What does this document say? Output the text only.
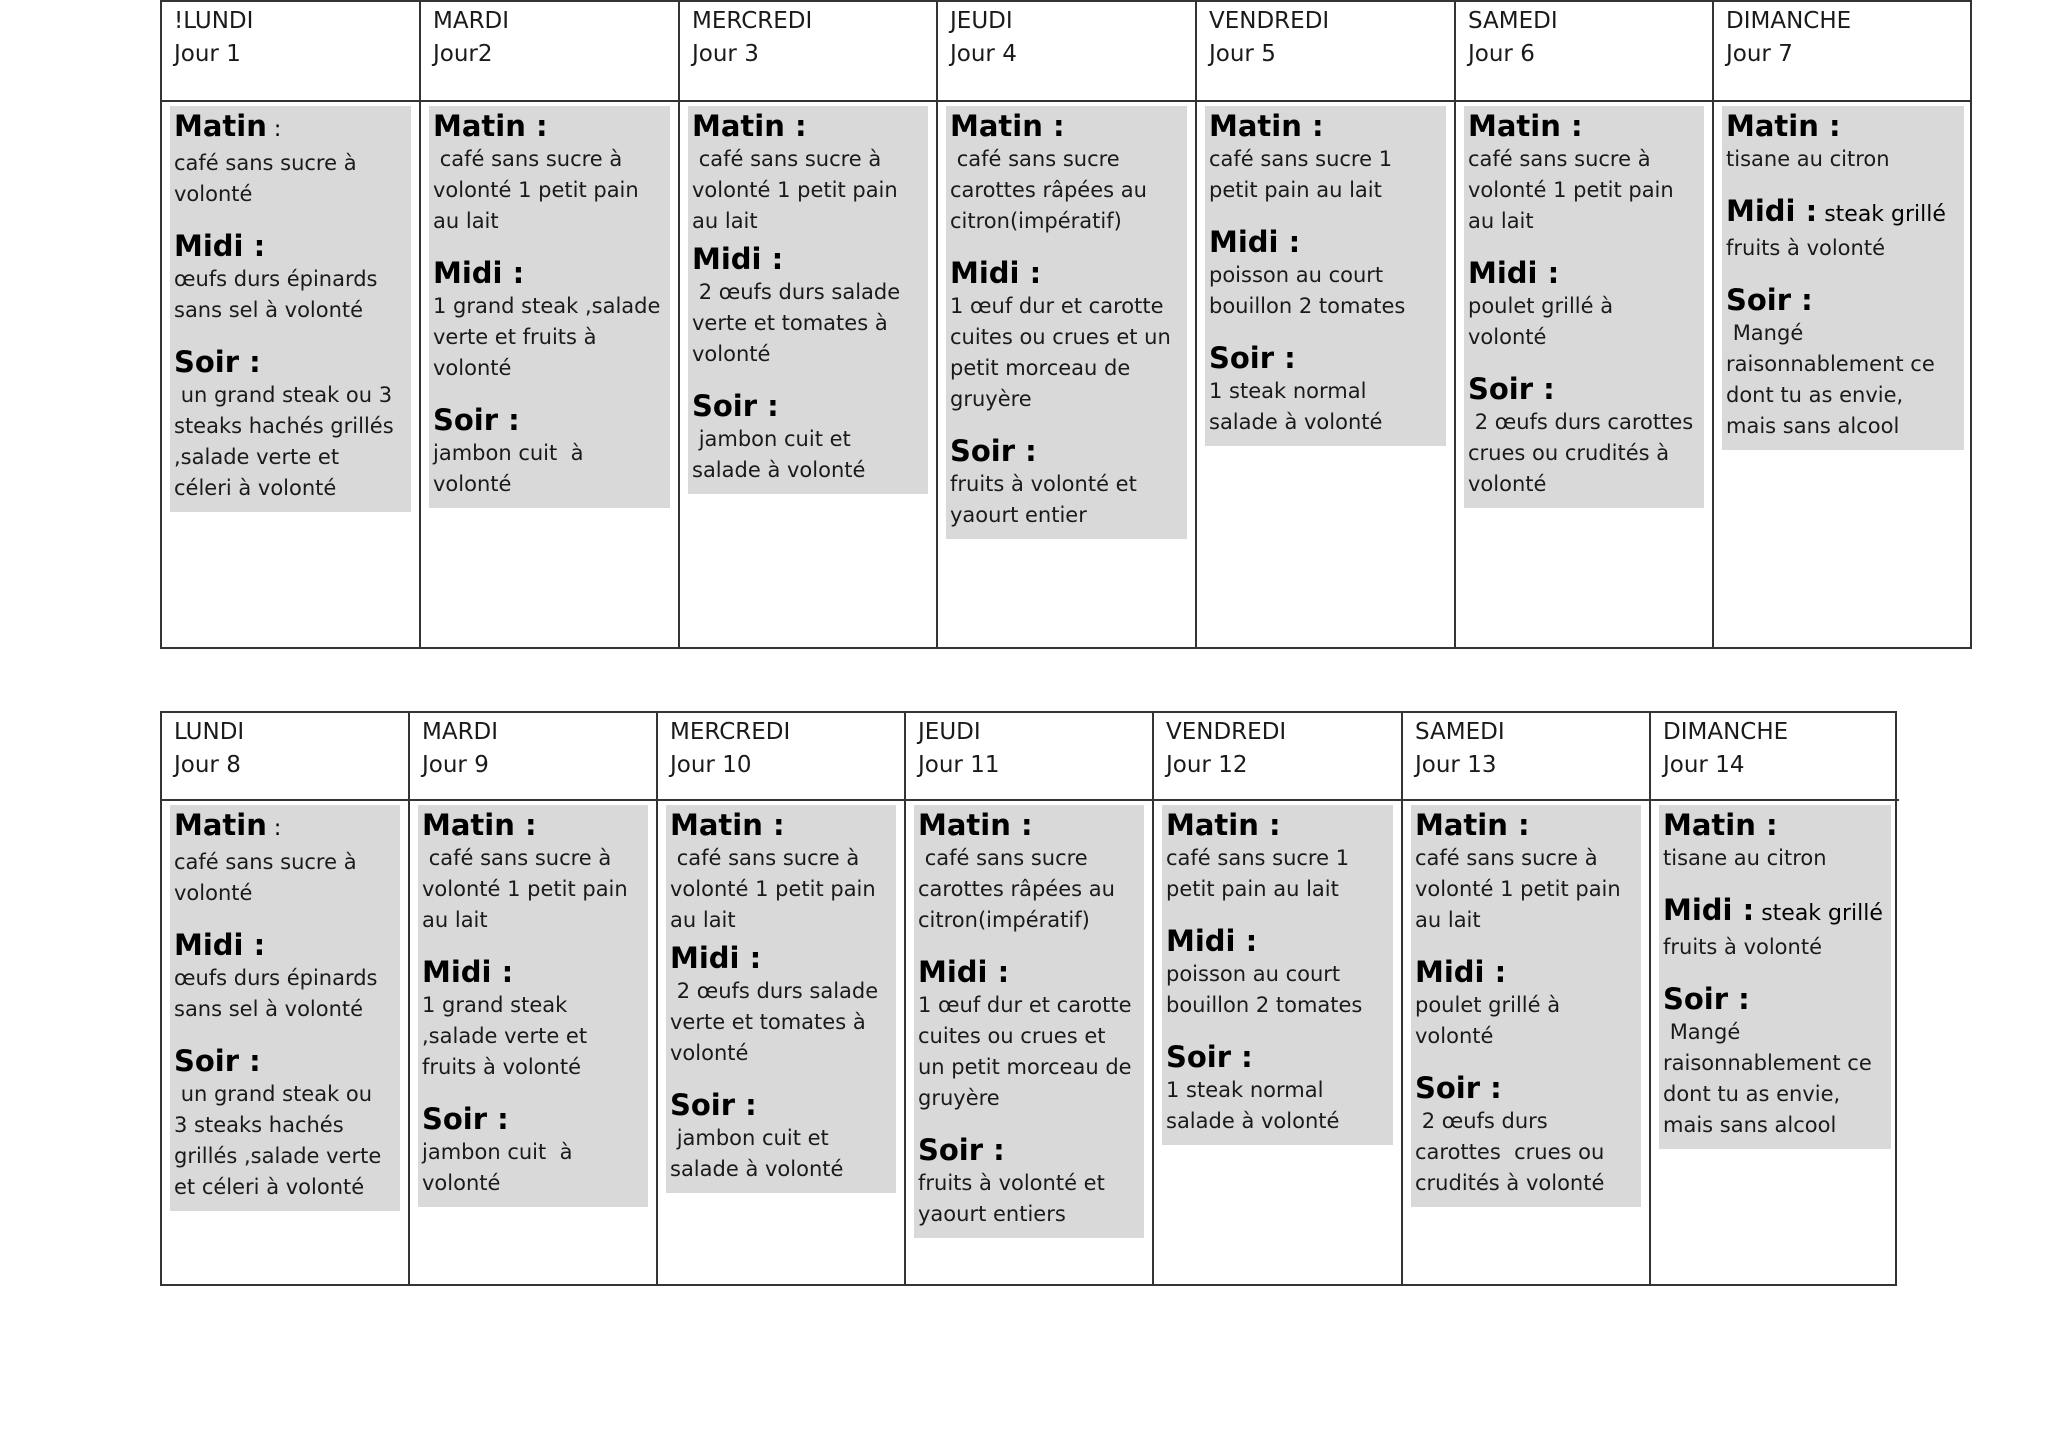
!LUNDI
Jour 1
MARDI
Jour2
MERCREDI
Jour 3
JEUDI
Jour 4
VENDREDI
Jour 5
SAMEDI
Jour 6
DIMANCHE
Jour 7
Matin :
café sans sucre à volonté
Midi :
œufs durs épinards sans sel à volonté
Soir :
un grand steak ou 3 steaks hachés grillés ,salade verte et céleri à volonté
Matin :
café sans sucre à volonté 1 petit pain au lait
Midi :
1 grand steak ,salade verte et fruits à volonté
Soir :
jambon cuit  à volonté
Matin :
café sans sucre à volonté 1 petit pain au lait
Midi :
2 œufs durs salade verte et tomates à volonté
Soir :
jambon cuit et salade à volonté
Matin :
café sans sucre carottes râpées au citron(impératif)
Midi :
1 œuf dur et carotte cuites ou crues et un petit morceau de gruyère
Soir :
fruits à volonté et yaourt entier
Matin :
café sans sucre 1 petit pain au lait
Midi :
poisson au court bouillon 2 tomates
Soir :
1 steak normal salade à volonté
Matin :
café sans sucre à volonté 1 petit pain au lait
Midi :
poulet grillé à volonté
Soir :
2 œufs durs carottes  crues ou crudités à volonté
Matin :
tisane au citron
Midi : steak grillé
fruits à volonté
Soir :
Mangé raisonnablement ce dont tu as envie, mais sans alcool
LUNDI
Jour 8
MARDI
Jour 9
MERCREDI
Jour 10
JEUDI
Jour 11
VENDREDI
Jour 12
SAMEDI
Jour 13
DIMANCHE
Jour 14
Matin :
café sans sucre à volonté
Midi :
œufs durs épinards sans sel à volonté
Soir :
un grand steak ou 3 steaks hachés grillés ,salade verte et céleri à volonté
Matin :
café sans sucre à volonté 1 petit pain au lait
Midi :
1 grand steak ,salade verte et fruits à volonté
Soir :
jambon cuit  à volonté
Matin :
café sans sucre à volonté 1 petit pain au lait
Midi :
2 œufs durs salade verte et tomates à volonté
Soir :
jambon cuit et salade à volonté
Matin :
café sans sucre carottes râpées au citron(impératif)
Midi :
1 œuf dur et carotte cuites ou crues et un petit morceau de gruyère
Soir :
fruits à volonté et yaourt entiers
Matin :
café sans sucre 1 petit pain au lait
Midi :
poisson au court bouillon 2 tomates
Soir :
1 steak normal salade à volonté
Matin :
café sans sucre à volonté 1 petit pain au lait
Midi :
poulet grillé à volonté
Soir :
2 œufs durs carottes  crues ou crudités à volonté
Matin :
tisane au citron
Midi : steak grillé
fruits à volonté
Soir :
Mangé raisonnablement ce dont tu as envie, mais sans alcool
